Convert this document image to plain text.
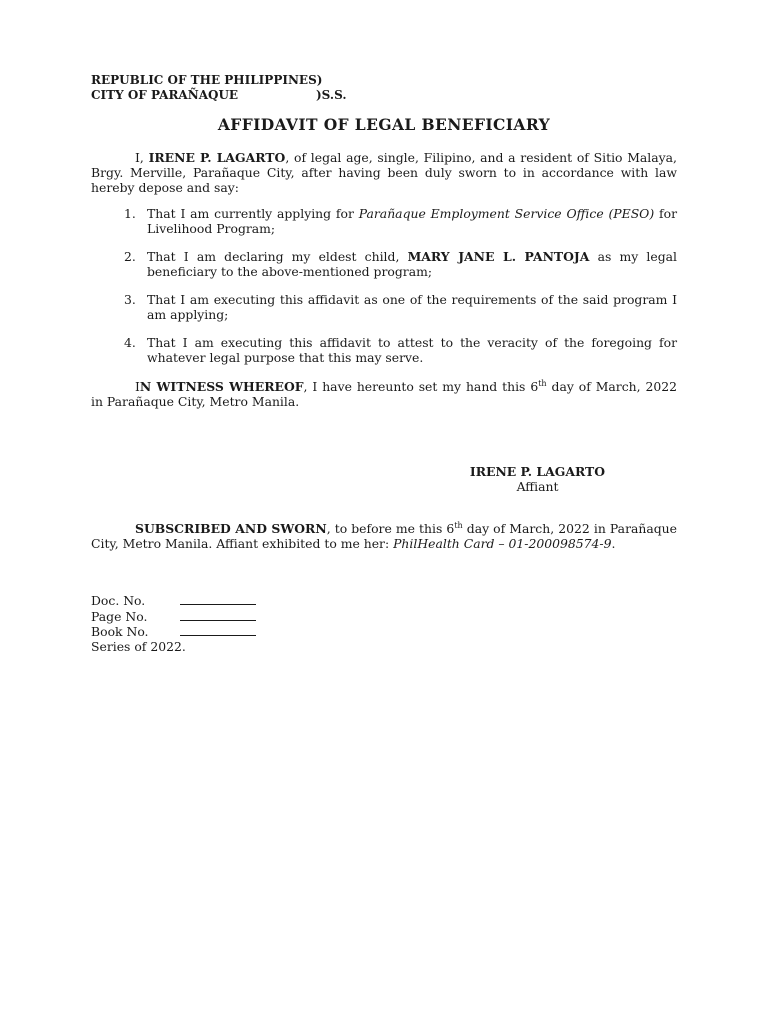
REPUBLIC OF THE PHILIPPINES)
CITY OF PARAÑAQUE	)S.S.
AFFIDAVIT OF LEGAL BENEFICIARY
I, IRENE P. LAGARTO, of legal age, single, Filipino, and a resident of Sitio Malaya, Brgy. Merville, Parañaque City, after having been duly sworn to in accordance with law hereby depose and say:
1. That I am currently applying for Parañaque Employment Service Office (PESO) for Livelihood Program;
2. That I am declaring my eldest child, MARY JANE L. PANTOJA as my legal beneficiary to the above-mentioned program;
3. That I am executing this affidavit as one of the requirements of the said program I am applying;
4. That I am executing this affidavit to attest to the veracity of the foregoing for whatever legal purpose that this may serve.
IN WITNESS WHEREOF, I have hereunto set my hand this 6th day of March, 2022 in Parañaque City, Metro Manila.
IRENE P. LAGARTO
Affiant
SUBSCRIBED AND SWORN, to before me this 6th day of March, 2022 in Parañaque City, Metro Manila. Affiant exhibited to me her: PhilHealth Card – 01-200098574-9.
Doc. No.
Page No.
Book No.
Series of 2022.
